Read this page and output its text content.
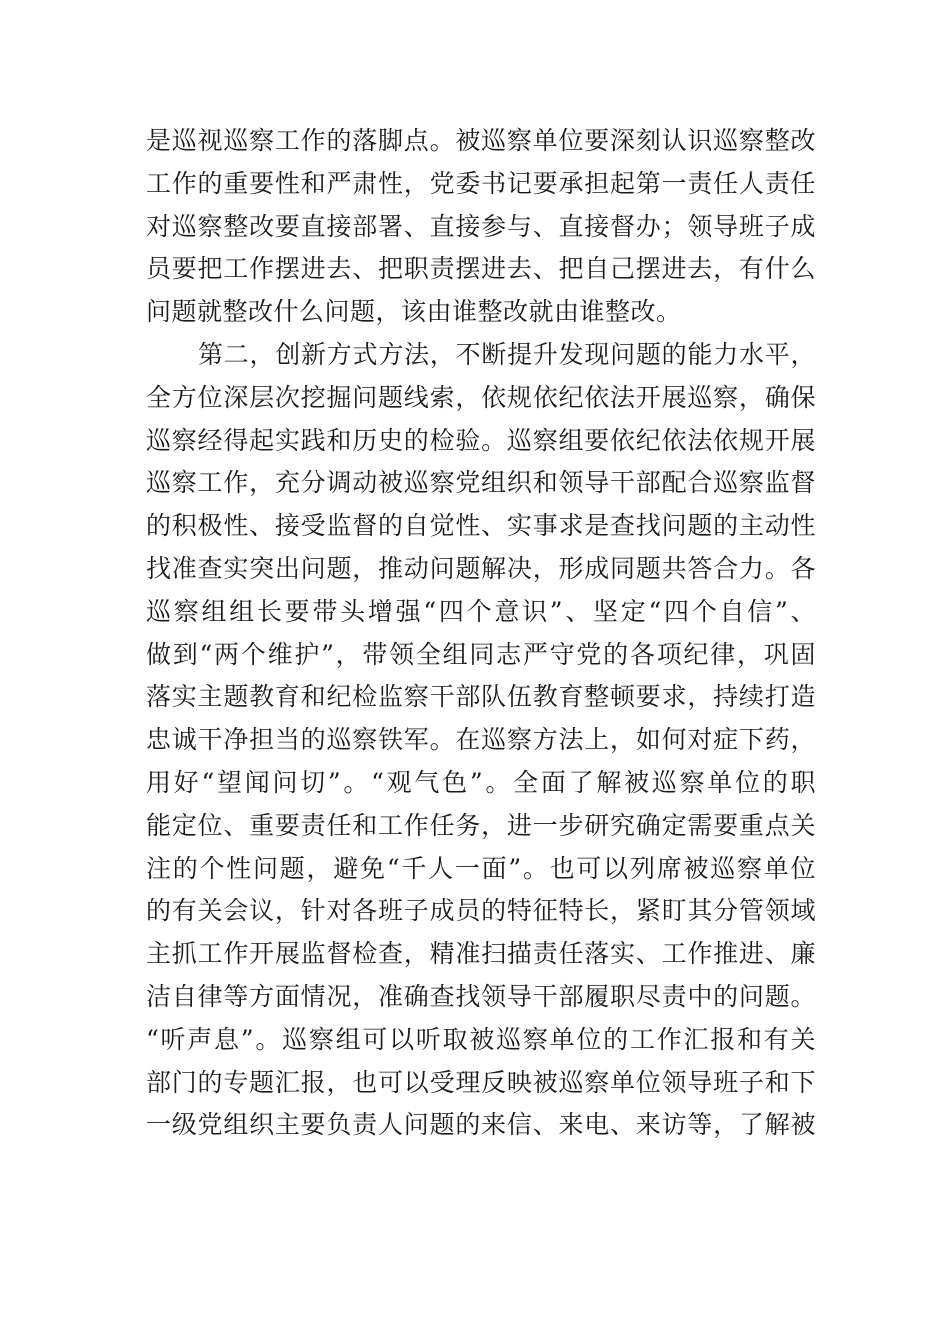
是巡视巡察工作的落脚点。被巡察单位要深刻认识巡察整改
工作的重要性和严肃性，党委书记要承担起第一责任人责任
对巡察整改要直接部署、直接参与、直接督办；领导班子成
员要把工作摆进去、把职责摆进去、把自己摆进去，有什么
问题就整改什么问题，该由谁整改就由谁整改。
第二，创新方式方法，不断提升发现问题的能力水平，
全方位深层次挖掘问题线索，依规依纪依法开展巡察，确保
巡察经得起实践和历史的检验。巡察组要依纪依法依规开展
巡察工作，充分调动被巡察党组织和领导干部配合巡察监督
的积极性、接受监督的自觉性、实事求是查找问题的主动性
找准查实突出问题，推动问题解决，形成同题共答合力。各
巡察组组长要带头增强“四个意识”、坚定“四个自信”、
做到“两个维护”，带领全组同志严守党的各项纪律，巩固
落实主题教育和纪检监察干部队伍教育整顿要求，持续打造
忠诚干净担当的巡察铁军。在巡察方法上，如何对症下药，
用好“望闻问切”。“观气色”。全面了解被巡察单位的职
能定位、重要责任和工作任务，进一步研究确定需要重点关
注的个性问题，避免“千人一面”。也可以列席被巡察单位
的有关会议，针对各班子成员的特征特长，紧盯其分管领域
主抓工作开展监督检查，精准扫描责任落实、工作推进、廉
洁自律等方面情况，准确查找领导干部履职尽责中的问题。
“听声息”。巡察组可以听取被巡察单位的工作汇报和有关
部门的专题汇报，也可以受理反映被巡察单位领导班子和下
一级党组织主要负责人问题的来信、来电、来访等，了解被
